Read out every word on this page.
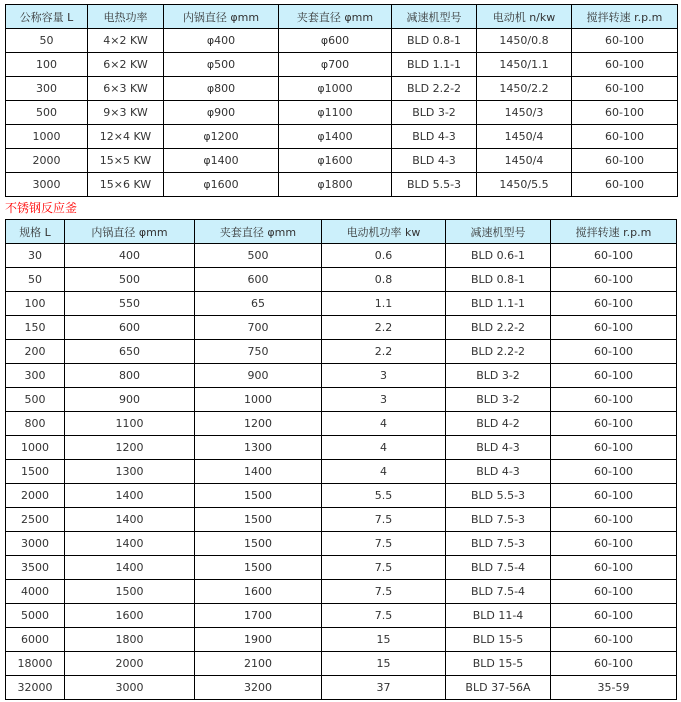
公称容量 L	电热功率	内锅直径 φmm	夹套直径 φmm	减速机型号	电动机 n/kw	搅拌转速 r.p.m
50	4×2 KW	φ400	φ600	BLD 0.8-1	1450/0.8	60-100
100	6×2 KW	φ500	φ700	BLD 1.1-1	1450/1.1	60-100
300	6×3 KW	φ800	φ1000	BLD 2.2-2	1450/2.2	60-100
500	9×3 KW	φ900	φ1100	BLD 3-2	1450/3	60-100
1000	12×4 KW	φ1200	φ1400	BLD 4-3	1450/4	60-100
2000	15×5 KW	φ1400	φ1600	BLD 4-3	1450/4	60-100
3000	15×6 KW	φ1600	φ1800	BLD 5.5-3	1450/5.5	60-100
不锈钢反应釜
规格 L	内锅直径 φmm	夹套直径 φmm	电动机功率 kw	减速机型号	搅拌转速 r.p.m
30	400	500	0.6	BLD 0.6-1	60-100
50	500	600	0.8	BLD 0.8-1	60-100
100	550	65	1.1	BLD 1.1-1	60-100
150	600	700	2.2	BLD 2.2-2	60-100
200	650	750	2.2	BLD 2.2-2	60-100
300	800	900	3	BLD 3-2	60-100
500	900	1000	3	BLD 3-2	60-100
800	1100	1200	4	BLD 4-2	60-100
1000	1200	1300	4	BLD 4-3	60-100
1500	1300	1400	4	BLD 4-3	60-100
2000	1400	1500	5.5	BLD 5.5-3	60-100
2500	1400	1500	7.5	BLD 7.5-3	60-100
3000	1400	1500	7.5	BLD 7.5-3	60-100
3500	1400	1500	7.5	BLD 7.5-4	60-100
4000	1500	1600	7.5	BLD 7.5-4	60-100
5000	1600	1700	7.5	BLD 11-4	60-100
6000	1800	1900	15	BLD 15-5	60-100
18000	2000	2100	15	BLD 15-5	60-100
32000	3000	3200	37	BLD 37-56A	35-59
